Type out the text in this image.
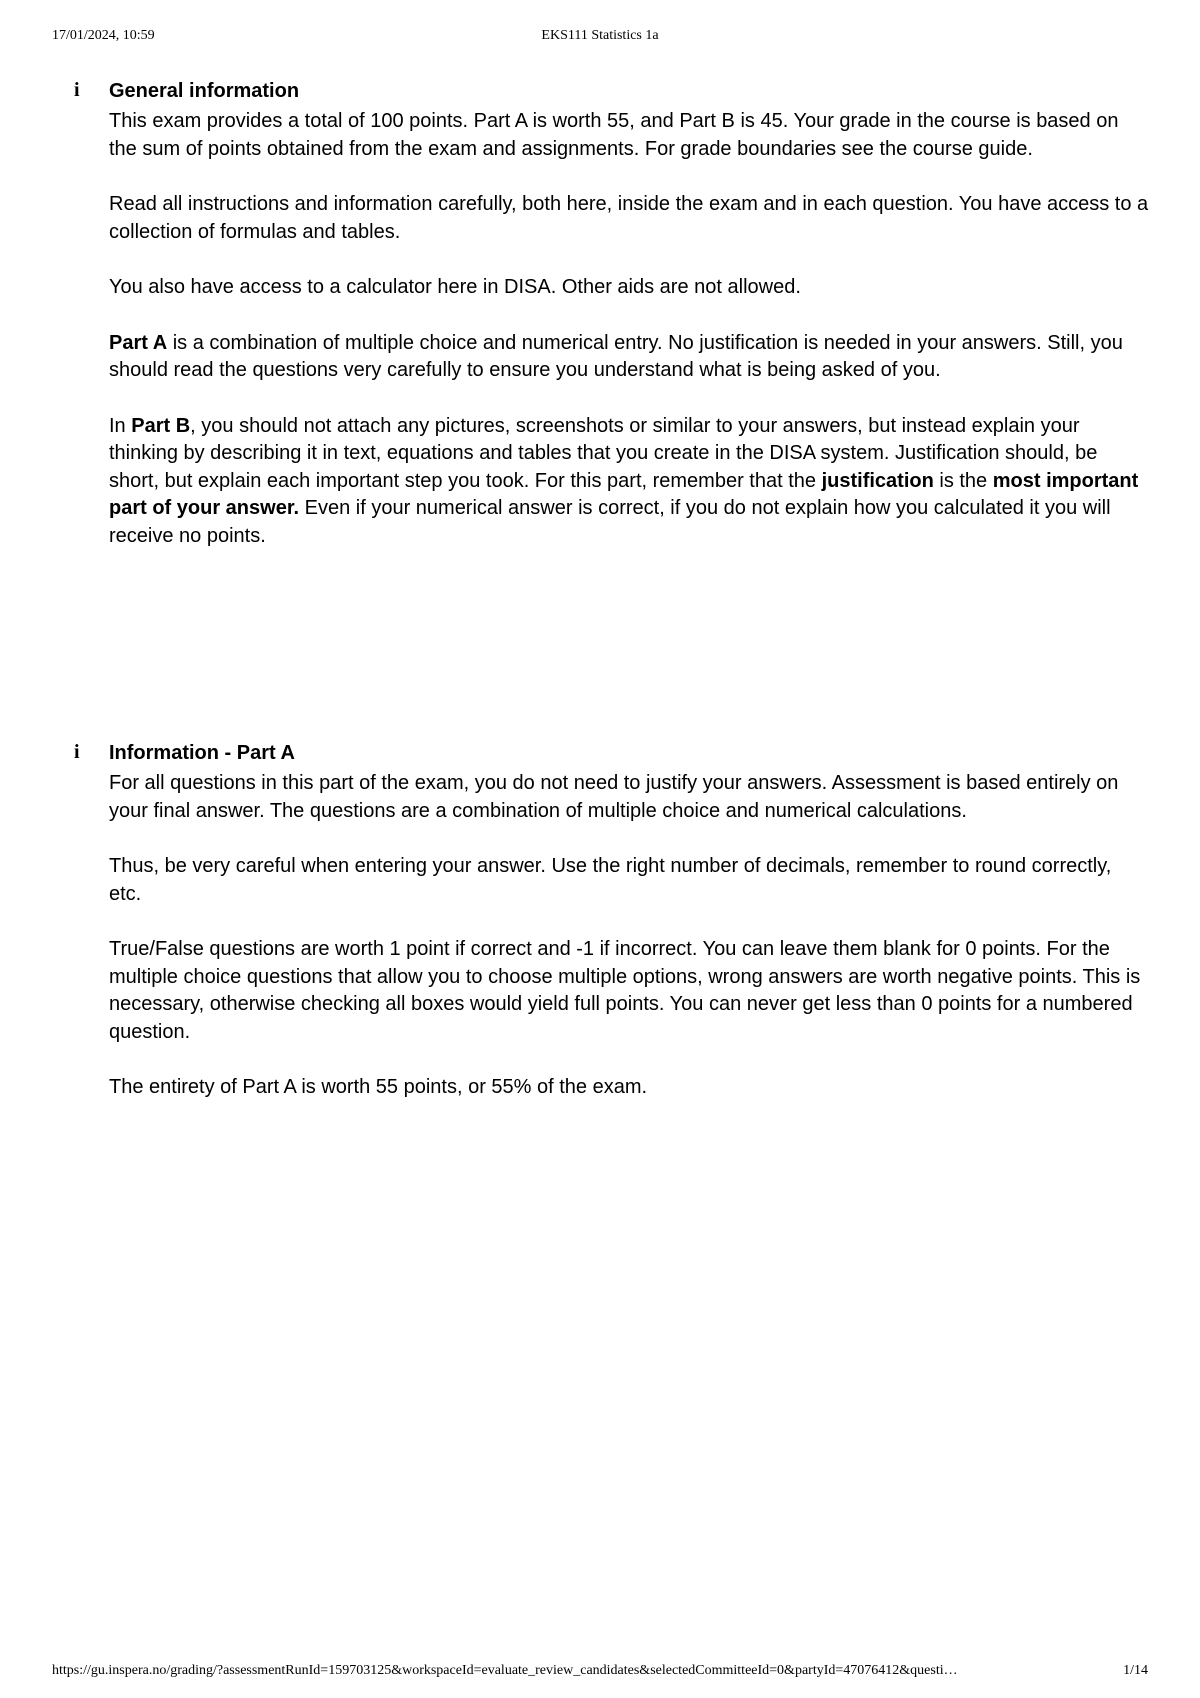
17/01/2024, 10:59	EKS111 Statistics 1a
i	General information

This exam provides a total of 100 points. Part A is worth 55, and Part B is 45. Your grade in the course is based on the sum of points obtained from the exam and assignments. For grade boundaries see the course guide.

Read all instructions and information carefully, both here, inside the exam and in each question. You have access to a collection of formulas and tables.

You also have access to a calculator here in DISA. Other aids are not allowed.

Part A is a combination of multiple choice and numerical entry. No justification is needed in your answers. Still, you should read the questions very carefully to ensure you understand what is being asked of you.

In Part B, you should not attach any pictures, screenshots or similar to your answers, but instead explain your thinking by describing it in text, equations and tables that you create in the DISA system. Justification should, be short, but explain each important step you took. For this part, remember that the justification is the most important part of your answer. Even if your numerical answer is correct, if you do not explain how you calculated it you will receive no points.

i	Information - Part A

For all questions in this part of the exam, you do not need to justify your answers. Assessment is based entirely on your final answer. The questions are a combination of multiple choice and numerical calculations.

Thus, be very careful when entering your answer. Use the right number of decimals, remember to round correctly, etc.

True/False questions are worth 1 point if correct and -1 if incorrect. You can leave them blank for 0 points. For the multiple choice questions that allow you to choose multiple options, wrong answers are worth negative points. This is necessary, otherwise checking all boxes would yield full points. You can never get less than 0 points for a numbered question.

The entirety of Part A is worth 55 points, or 55% of the exam.

https://gu.inspera.no/grading/?assessmentRunId=159703125&workspaceId=evaluate_review_candidates&selectedCommitteeId=0&partyId=47076412&questi…	1/14
